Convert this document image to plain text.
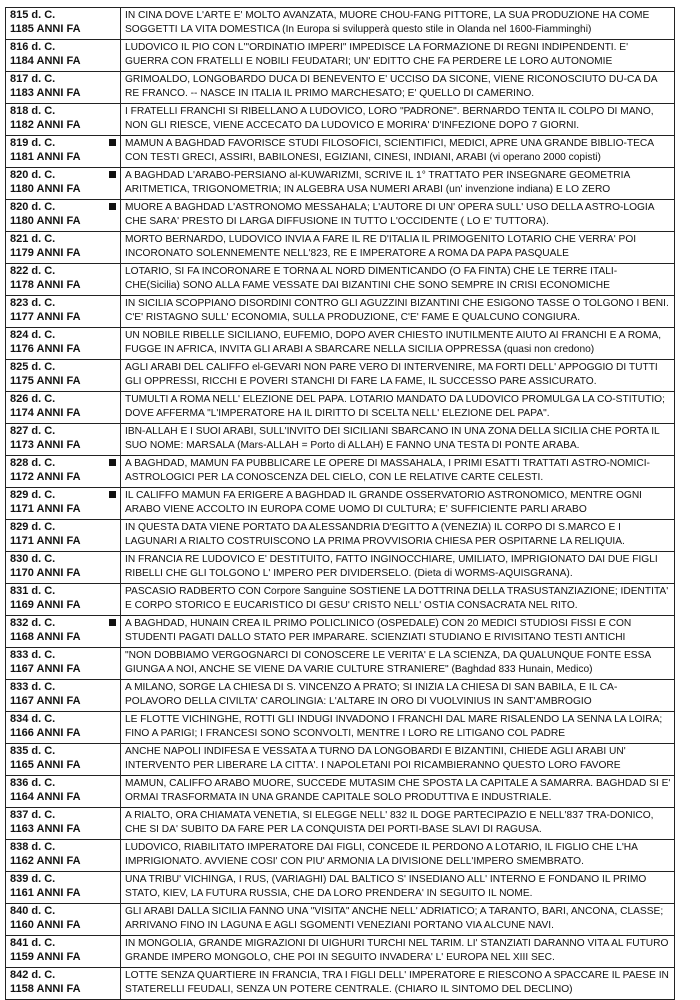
815 d. C.
1185 ANNI FA	IN CINA DOVE L'ARTE E' MOLTO AVANZATA, MUORE CHOU-FANG PITTORE, LA SUA PRODUZIONE HA COME SOGGETTI LA VITA DOMESTICA (In Europa si svilupperà questo stile in Olanda nel 1600-Fiamminghi)

816 d. C.
1184 ANNI FA	LUDOVICO IL PIO CON L'"ORDINATIO IMPERI" IMPEDISCE LA FORMAZIONE DI REGNI INDIPENDENTI. E' GUERRA CON FRATELLI E NOBILI FEUDATARI; UN' EDITTO CHE FA PERDERE LE LORO AUTONOMIE

817 d. C.
1183 ANNI FA	GRIMOALDO, LONGOBARDO DUCA DI BENEVENTO E' UCCISO DA SICONE, VIENE RICONOSCIUTO DU-CA DA RE FRANCO. -- NASCE IN ITALIA IL PRIMO MARCHESATO; E' QUELLO DI CAMERINO.

818 d. C.
1182 ANNI FA	I FRATELLI FRANCHI SI RIBELLANO A LUDOVICO, LORO "PADRONE". BERNARDO TENTA IL COLPO DI MANO, NON GLI RIESCE, VIENE ACCECATO DA LUDOVICO E MORIRA' D'INFEZIONE DOPO 7 GIORNI.

819 d. C.
1181 ANNI FA	MAMUN A BAGHDAD FAVORISCE STUDI FILOSOFICI, SCIENTIFICI, MEDICI, APRE UNA GRANDE BIBLIO-TECA CON TESTI GRECI, ASSIRI, BABILONESI, EGIZIANI, CINESI, INDIANI, ARABI (vi operano 2000 copisti)

820 d. C.
1180 ANNI FA	A BAGHDAD L'ARABO-PERSIANO al-KUWARIZMI, SCRIVE IL 1° TRATTATO PER INSEGNARE GEOMETRIA ARITMETICA, TRIGONOMETRIA; IN ALGEBRA USA NUMERI ARABI (un' invenzione indiana) E LO ZERO

820 d. C.
1180 ANNI FA	MUORE A BAGHDAD L'ASTRONOMO MESSAHALA; L'AUTORE DI UN' OPERA SULL' USO DELLA ASTRO-LOGIA CHE SARA' PRESTO DI LARGA DIFFUSIONE IN TUTTO L'OCCIDENTE ( LO E' TUTTORA).

821 d. C.
1179 ANNI FA	MORTO BERNARDO, LUDOVICO INVIA A FARE IL RE D'ITALIA IL PRIMOGENITO LOTARIO CHE VERRA' POI INCORONATO SOLENNEMENTE NELL'823, RE E IMPERATORE A ROMA DA PAPA PASQUALE

822 d. C.
1178 ANNI FA	LOTARIO, SI FA INCORONARE E TORNA AL NORD DIMENTICANDO (O FA FINTA) CHE LE TERRE ITALI-CHE(Sicilia) SONO ALLA FAME VESSATE DAI BIZANTINI CHE SONO SEMPRE IN CRISI ECONOMICHE

823 d. C.
1177 ANNI FA	IN SICILIA SCOPPIANO DISORDINI CONTRO GLI AGUZZINI BIZANTINI CHE ESIGONO TASSE O TOLGONO I BENI. C'E' RISTAGNO SULL' ECONOMIA, SULLA PRODUZIONE, C'E' FAME E QUALCUNO CONGIURA.

824 d. C.
1176 ANNI FA	UN NOBILE RIBELLE SICILIANO, EUFEMIO, DOPO AVER CHIESTO INUTILMENTE AIUTO AI FRANCHI E A ROMA, FUGGE IN AFRICA, INVITA GLI ARABI A SBARCARE NELLA SICILIA OPPRESSA (quasi non credono)

825 d. C.
1175 ANNI FA	AGLI ARABI DEL CALIFFO el-GEVARI NON PARE VERO DI INTERVENIRE, MA FORTI DELL' APPOGGIO DI TUTTI GLI OPPRESSI, RICCHI E POVERI STANCHI DI FARE LA FAME, IL SUCCESSO PARE ASSICURATO.

826 d. C.
1174 ANNI FA	TUMULTI A ROMA NELL' ELEZIONE DEL PAPA. LOTARIO MANDATO DA LUDOVICO PROMULGA LA CO-STITUTIO; DOVE AFFERMA "L'IMPERATORE HA IL DIRITTO DI SCELTA NELL' ELEZIONE DEL PAPA".

827 d. C.
1173 ANNI FA	IBN-ALLAH E I SUOI ARABI, SULL'INVITO DEI SICILIANI SBARCANO IN UNA ZONA DELLA SICILIA CHE PORTA IL SUO NOME: MARSALA (Mars-ALLAH = Porto di ALLAH) E FANNO UNA TESTA DI PONTE ARABA.

828 d. C.
1172 ANNI FA	A BAGHDAD, MAMUN FA PUBBLICARE LE OPERE DI MASSAHALA, I PRIMI ESATTI TRATTATI ASTRO-NOMICI-ASTROLOGICI PER LA CONOSCENZA DEL CIELO, CON LE RELATIVE CARTE CELESTI.

829 d. C.
1171 ANNI FA	IL CALIFFO MAMUN FA ERIGERE A BAGHDAD IL GRANDE OSSERVATORIO ASTRONOMICO, MENTRE OGNI ARABO VIENE ACCOLTO IN EUROPA COME UOMO DI CULTURA; E' SUFFICIENTE PARLI ARABO

829 d. C.
1171 ANNI FA	IN QUESTA DATA VIENE PORTATO DA ALESSANDRIA D'EGITTO A (VENEZIA) IL CORPO DI S.MARCO E I LAGUNARI A RIALTO COSTRUISCONO LA PRIMA PROVVISORIA CHIESA PER OSPITARNE LA RELIQUIA.

830 d. C.
1170 ANNI FA	IN FRANCIA RE LUDOVICO E' DESTITUITO, FATTO INGINOCCHIARE, UMILIATO, IMPRIGIONATO DAI DUE FIGLI RIBELLI CHE GLI TOLGONO L' IMPERO PER DIVIDERSELO. (Dieta di WORMS-AQUISGRANA).

831 d. C.
1169 ANNI FA	PASCASIO RADBERTO CON Corpore Sanguine SOSTIENE LA DOTTRINA DELLA TRASUSTANZIAZIONE; IDENTITA' E CORPO STORICO E EUCARISTICO DI GESU' CRISTO NELL' OSTIA CONSACRATA NEL RITO.

832 d. C.
1168 ANNI FA	A BAGHDAD, HUNAIN CREA IL PRIMO POLICLINICO (OSPEDALE) CON 20 MEDICI STUDIOSI FISSI E CON STUDENTI PAGATI DALLO STATO PER IMPARARE. SCIENZIATI STUDIANO E RIVISITANO TESTI ANTICHI

833 d. C.
1167 ANNI FA	"NON DOBBIAMO VERGOGNARCI DI CONOSCERE LE VERITA' E LA SCIENZA, DA QUALUNQUE FONTE ESSA GIUNGA A NOI, ANCHE SE VIENE DA VARIE CULTURE STRANIERE" (Baghdad 833 Hunain, Medico)

833 d. C.
1167 ANNI FA	A MILANO, SORGE LA CHIESA DI S. VINCENZO A PRATO; SI INIZIA LA CHIESA DI SAN BABILA, E IL CA-POLAVORO DELLA CIVILTA' CAROLINGIA: L'ALTARE IN ORO DI VUOLVINIUS IN SANT'AMBROGIO

834 d. C.
1166 ANNI FA	LE FLOTTE VICHINGHE, ROTTI GLI INDUGI INVADONO I FRANCHI DAL MARE RISALENDO LA SENNA LA LOIRA; FINO A PARIGI; I FRANCESI SONO SCONVOLTI, MENTRE I LORO RE LITIGANO COL PADRE

835 d. C.
1165 ANNI FA	ANCHE NAPOLI INDIFESA E VESSATA A TURNO DA LONGOBARDI E BIZANTINI, CHIEDE AGLI ARABI UN' INTERVENTO PER LIBERARE LA CITTA'. I NAPOLETANI POI RICAMBIERANNO QUESTO LORO FAVORE

836 d. C.
1164 ANNI FA	MAMUN, CALIFFO ARABO MUORE, SUCCEDE MUTASIM CHE SPOSTA LA CAPITALE A SAMARRA. BAGHDAD SI E' ORMAI TRASFORMATA IN UNA GRANDE CAPITALE SOLO PRODUTTIVA E INDUSTRIALE.

837 d. C.
1163 ANNI FA	A RIALTO, ORA CHIAMATA VENETIA, SI ELEGGE NELL' 832 IL DOGE PARTECIPAZIO E NELL'837 TRA-DONICO, CHE SI DA' SUBITO DA FARE PER LA CONQUISTA DEI PORTI-BASE SLAVI DI RAGUSA.

838 d. C.
1162 ANNI FA	LUDOVICO, RIABILITATO IMPERATORE DAI FIGLI, CONCEDE IL PERDONO A LOTARIO, IL FIGLIO CHE L'HA IMPRIGIONATO. AVVIENE COSI' CON PIU' ARMONIA LA DIVISIONE DELL'IMPERO SMEMBRATO.

839 d. C.
1161 ANNI FA	UNA TRIBU' VICHINGA, I RUS, (VARIAGHI) DAL BALTICO S' INSEDIANO ALL' INTERNO E FONDANO IL PRIMO STATO, KIEV, LA FUTURA RUSSIA, CHE DA LORO PRENDERA' IN SEGUITO IL NOME.

840 d. C.
1160 ANNI FA	GLI ARABI DALLA SICILIA FANNO UNA "VISITA" ANCHE NELL' ADRIATICO; A TARANTO, BARI, ANCONA, CLASSE; ARRIVANO FINO IN LAGUNA E AGLI SGOMENTI VENEZIANI PORTANO VIA ALCUNE NAVI.

841 d. C.
1159 ANNI FA	IN MONGOLIA, GRANDE MIGRAZIONI DI UIGHURI TURCHI NEL TARIM. LI' STANZIATI DARANNO VITA AL FUTURO GRANDE IMPERO MONGOLO, CHE POI IN SEGUITO INVADERA' L' EUROPA NEL XIII SEC.

842 d. C.
1158 ANNI FA	LOTTE SENZA QUARTIERE IN FRANCIA, TRA I FIGLI DELL' IMPERATORE E RIESCONO A SPACCARE IL PAESE IN STATERELLI FEUDALI, SENZA UN POTERE CENTRALE. (CHIARO IL SINTOMO DEL DECLINO)
